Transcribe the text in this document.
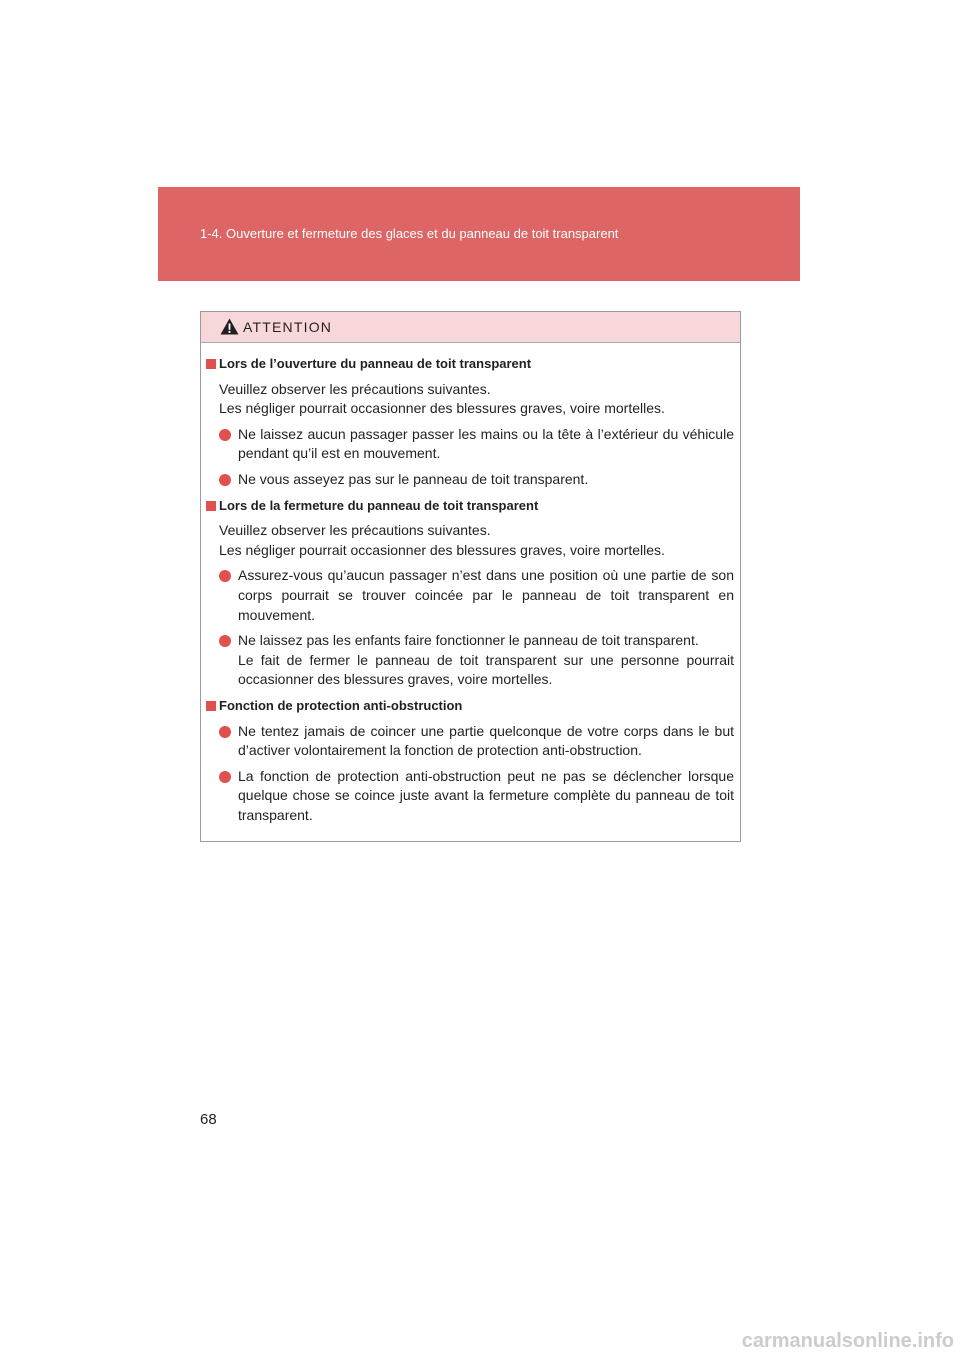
1-4. Ouverture et fermeture des glaces et du panneau de toit transparent
ATTENTION
Lors de l’ouverture du panneau de toit transparent
Veuillez observer les précautions suivantes.
Les négliger pourrait occasionner des blessures graves, voire mortelles.
Ne laissez aucun passager passer les mains ou la tête à l’extérieur du véhicule
pendant qu’il est en mouvement.
Ne vous asseyez pas sur le panneau de toit transparent.
Lors de la fermeture du panneau de toit transparent
Veuillez observer les précautions suivantes.
Les négliger pourrait occasionner des blessures graves, voire mortelles.
Assurez-vous qu’aucun passager n’est dans une position où une partie de son
corps pourrait se trouver coincée par le panneau de toit transparent en
mouvement.
Ne laissez pas les enfants faire fonctionner le panneau de toit transparent.
Le fait de fermer le panneau de toit transparent sur une personne pourrait
occasionner des blessures graves, voire mortelles.
Fonction de protection anti-obstruction
Ne tentez jamais de coincer une partie quelconque de votre corps dans le but
d’activer volontairement la fonction de protection anti-obstruction.
La fonction de protection anti-obstruction peut ne pas se déclencher lorsque
quelque chose se coince juste avant la fermeture complète du panneau de toit
transparent.
68
carmanualsonline.info
